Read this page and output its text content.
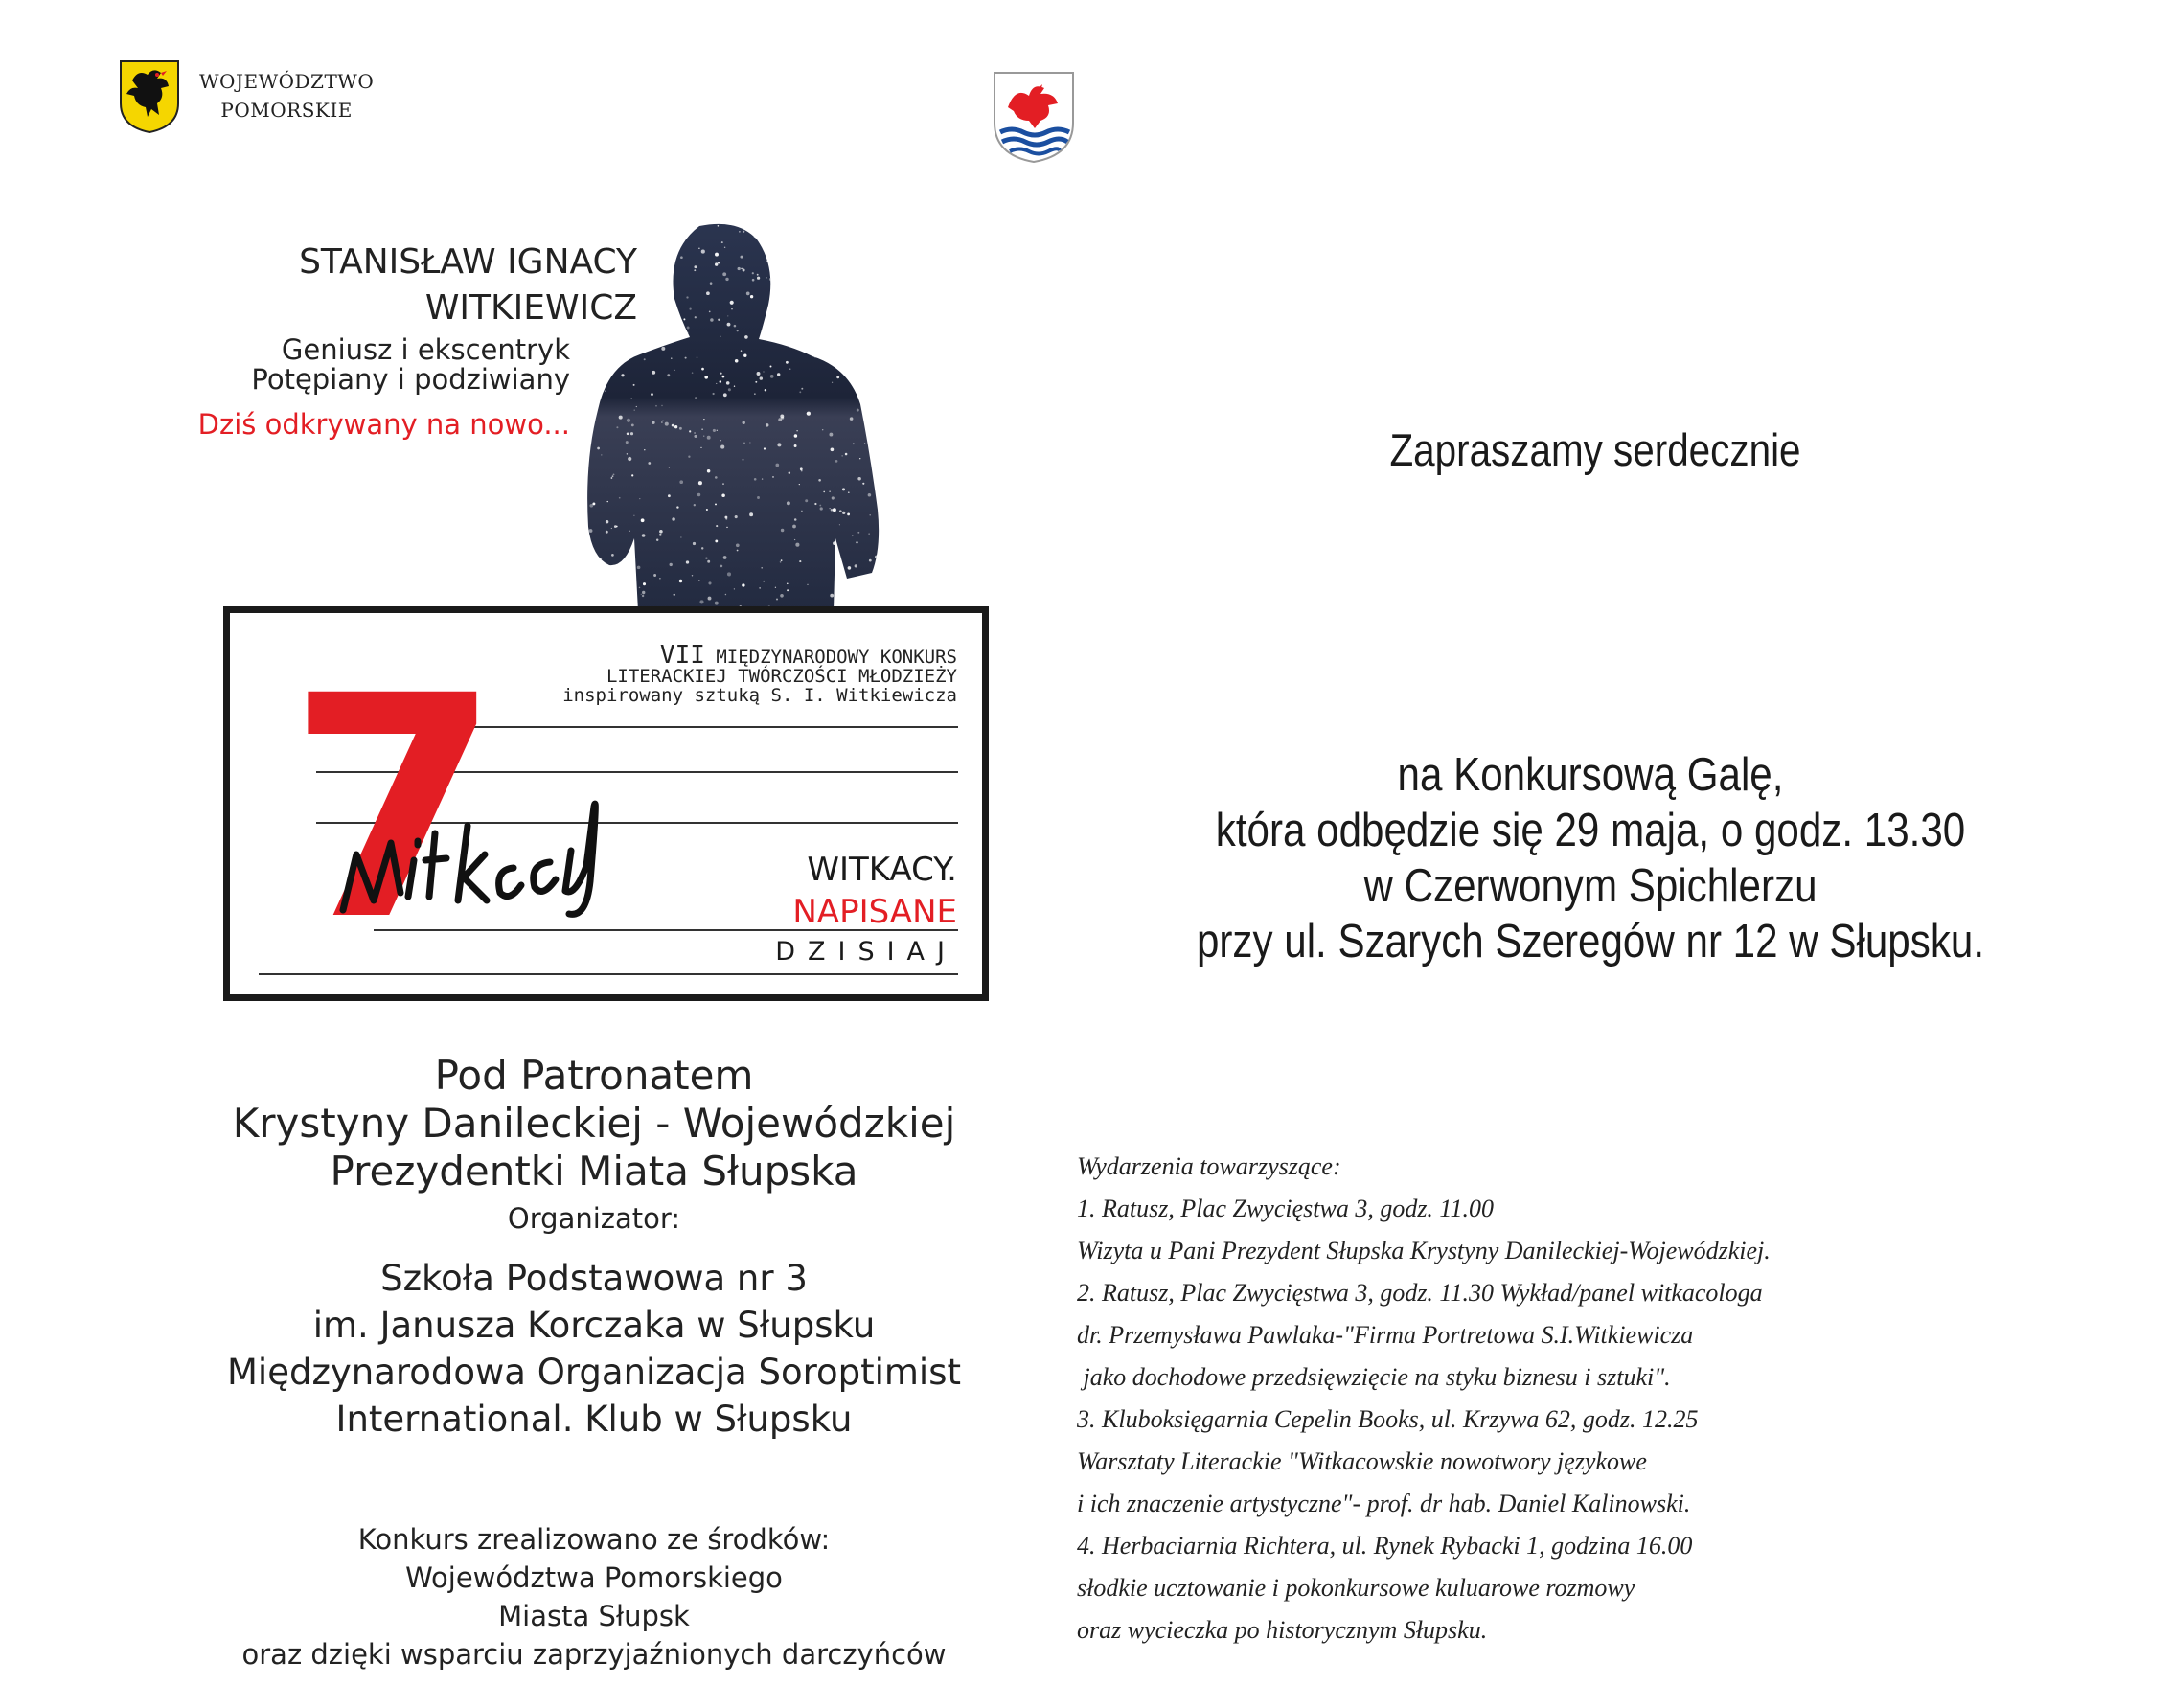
WOJEWÓDZTWO
POMORSKIE
STANISŁAW IGNACY
WITKIEWICZ
Geniusz i ekscentryk
Potępiany i podziwiany
Dziś odkrywany na nowo...
7	VII MIĘDZYNARODOWY KONKURS
LITERACKIEJ TWÓRCZOŚCI MŁODZIEŻY
inspirowany sztuką S. I. Witkiewicza
WITKACY.
NAPISANE
DZISIAJ
Pod Patronatem
Krystyny Danileckiej - Wojewódzkiej
Prezydentki Miata Słupska
Organizator:
Szkoła Podstawowa nr 3
im. Janusza Korczaka w Słupsku
Międzynarodowa Organizacja Soroptimist
International. Klub w Słupsku
Konkurs zrealizowano ze środków:
Województwa Pomorskiego
Miasta Słupsk
oraz dzięki wsparciu zaprzyjaźnionych darczyńców
Zapraszamy serdecznie
na Konkursową Galę,
która odbędzie się 29 maja, o godz. 13.30
w Czerwonym Spichlerzu
przy ul. Szarych Szeregów nr 12 w Słupsku.
Wydarzenia towarzyszące:
1. Ratusz, Plac Zwycięstwa 3, godz. 11.00
Wizyta u Pani Prezydent Słupska Krystyny Danileckiej-Wojewódzkiej.
2. Ratusz, Plac Zwycięstwa 3, godz. 11.30 Wykład/panel witkacologa
dr. Przemysława Pawlaka-"Firma Portretowa S.I.Witkiewicza
jako dochodowe przedsięwzięcie na styku biznesu i sztuki".
3. Kluboksięgarnia Cepelin Books, ul. Krzywa 62, godz. 12.25
Warsztaty Literackie "Witkacowskie nowotwory językowe
i ich znaczenie artystyczne"- prof. dr hab. Daniel Kalinowski.
4. Herbaciarnia Richtera, ul. Rynek Rybacki 1, godzina 16.00
słodkie ucztowanie i pokonkursowe kuluarowe rozmowy
oraz wycieczka po historycznym Słupsku.
